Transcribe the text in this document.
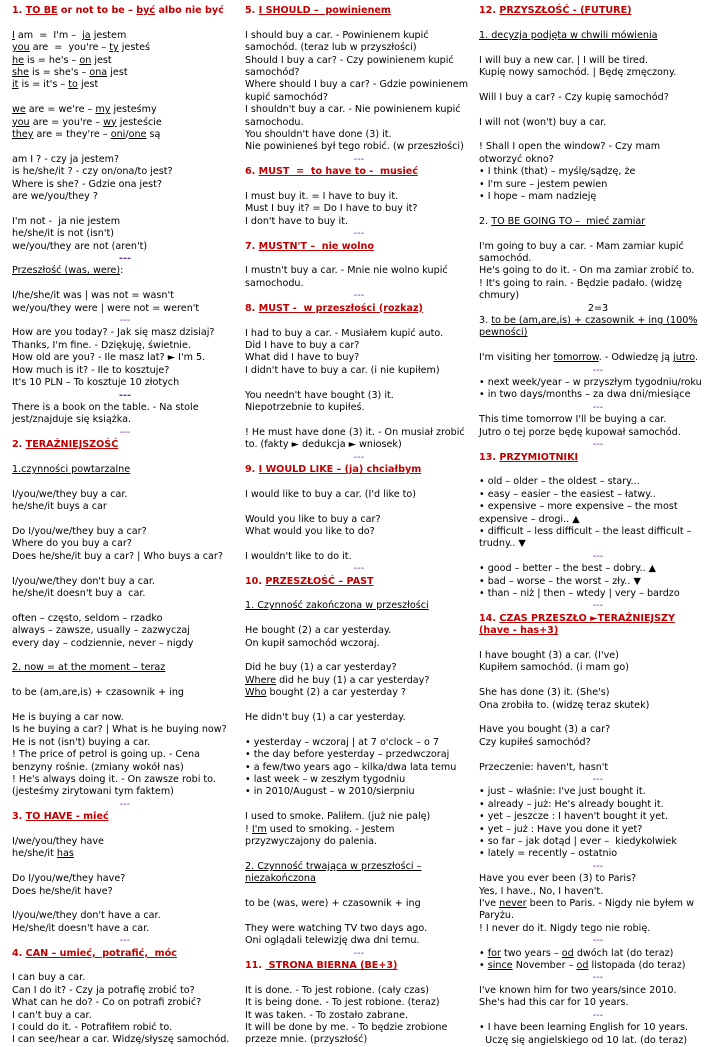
1. TO BE or not to be – być albo nie być
I am  =  I'm –  ja jestem
you are  =  you're – ty jesteś
he is = he's – on jest
she is = she's – ona jest
it is = it's – to jest
we are = we're – my jesteśmy
you are = you're – wy jesteście
they are = they're – oni/one są
am I ? - czy ja jestem?
is he/she/it ? - czy on/ona/to jest?
Where is she? - Gdzie ona jest?
are we/you/they ?
I'm not -  ja nie jestem
he/she/it is not (isn't)
we/you/they are not (aren't)
---
Przeszłość (was, were):
I/he/she/it was | was not = wasn't
we/you/they were | were not = weren't
---
How are you today? - Jak się masz dzisiaj?
Thanks, I'm fine. - Dziękuję, świetnie.
How old are you? - Ile masz lat? ► I'm 5.
How much is it? - Ile to kosztuje?
It's 10 PLN – To kosztuje 10 złotych
---
There is a book on the table. - Na stole
jest/znajduje się książka.
---
2. TERAŹNIEJSZOŚĆ
1.czynności powtarzalne
I/you/we/they buy a car.
he/she/it buys a car
Do I/you/we/they buy a car?
Where do you buy a car?
Does he/she/it buy a car? | Who buys a car?
I/you/we/they don't buy a car.
he/she/it doesn't buy a  car.
often – często, seldom – rzadko
always – zawsze, usually – zazwyczaj
every day – codziennie, never – nigdy
2. now = at the moment – teraz
to be (am,are,is) + czasownik + ing
He is buying a car now.
Is he buying a car? | What is he buying now?
He is not (isn't) buying a car.
! The price of petrol is going up. - Cena
benzyny rośnie. (zmiany wokół nas)
! He's always doing it. - On zawsze robi to.
(jesteśmy zirytowani tym faktem)
---
3. TO HAVE - mieć
I/we/you/they have
he/she/it has
Do I/you/we/they have?
Does he/she/it have?
I/you/we/they don't have a car.
He/she/it doesn't have a car.
---
4. CAN – umieć,  potrafić,  móc
I can buy a car.
Can I do it? - Czy ja potrafię zrobić to?
What can he do? - Co on potrafi zrobić?
I can't buy a car.
I could do it. - Potrafiłem robić to.
I can see/hear a car. Widzę/słyszę samochód.
5. I SHOULD –  powinienem
I should buy a car. - Powinienem kupić
samochód. (teraz lub w przyszłości)
Should I buy a car? - Czy powinienem kupić
samochód?
Where should I buy a car? - Gdzie powinienem
kupić samochód?
I shouldn't buy a car. - Nie powinienem kupić
samochodu.
You shouldn't have done (3) it.
Nie powinieneś był tego robić. (w przeszłości)
---
6. MUST  =  to have to -  musieć
I must buy it. = I have to buy it.
Must I buy it? = Do I have to buy it?
I don't have to buy it.
---
7. MUSTN'T –  nie wolno
I mustn't buy a car. - Mnie nie wolno kupić
samochodu.
---
8. MUST -  w przeszłości (rozkaz)
I had to buy a car. - Musiałem kupić auto.
Did I have to buy a car?
What did I have to buy?
I didn't have to buy a car. (i nie kupiłem)
You needn't have bought (3) it.
Niepotrzebnie to kupiłeś.
! He must have done (3) it. - On musiał zrobić
to. (fakty ► dedukcja ► wniosek)
---
9. I WOULD LIKE – (ja) chciałbym
I would like to buy a car. (I'd like to)
Would you like to buy a car?
What would you like to do?
I wouldn't like to do it.
---
10. PRZESZŁOŚĆ – PAST
1. Czynność zakończona w przeszłości
He bought (2) a car yesterday.
On kupił samochód wczoraj.
Did he buy (1) a car yesterday?
Where did he buy (1) a car yesterday?
Who bought (2) a car yesterday ?
He didn't buy (1) a car yesterday.
• yesterday – wczoraj | at 7 o'clock – o 7
• the day before yesterday – przedwczoraj
• a few/two years ago – kilka/dwa lata temu
• last week – w zeszłym tygodniu
• in 2010/August – w 2010/sierpniu
I used to smoke. Paliłem. (już nie palę)
! I'm used to smoking. - Jestem
przyzwyczajony do palenia.
2. Czynność trwająca w przeszłości –
niezakończona
to be (was, were) + czasownik + ing
They were watching TV two days ago.
Oni oglądali telewizję dwa dni temu.
---
11.  STRONA BIERNA (BE+3)
It is done. - To jest robione. (cały czas)
It is being done. - To jest robione. (teraz)
It was taken. - To zostało zabrane.
It will be done by me. - To będzie zrobione
przeze mnie. (przyszłość)
12. PRZYSZŁOŚĆ - (FUTURE)
1. decyzja podjęta w chwili mówienia
I will buy a new car. | I will be tired.
Kupię nowy samochód. | Będę zmęczony.
Will I buy a car? - Czy kupię samochód?
I will not (won't) buy a car.
! Shall I open the window? - Czy mam
otworzyć okno?
• I think (that) – myślę/sądzę, że
• I'm sure – jestem pewien
• I hope – mam nadzieję
2. TO BE GOING TO –  mieć zamiar
I'm going to buy a car. - Mam zamiar kupić
samochód.
He's going to do it. - On ma zamiar zrobić to.
! It's going to rain. - Będzie padało. (widzę
chmury)
2=3
3. to be (am,are,is) + czasownik + ing (100%
pewności)
I'm visiting her tomorrow. - Odwiedzę ją jutro.
---
• next week/year – w przyszłym tygodniu/roku
• in two days/months – za dwa dni/miesiące
---
This time tomorrow I'll be buying a car.
Jutro o tej porze będę kupował samochód.
---
13. PRZYMIOTNIKI
• old – older – the oldest – stary...
• easy – easier – the easiest – łatwy..
• expensive – more expensive – the most
expensive – drogi.. ▲
• difficult – less difficult – the least difficult –
trudny.. ▼
---
• good – better – the best – dobry.. ▲
• bad – worse – the worst – zły.. ▼
• than – niż | then – wtedy | very – bardzo
---
14. CZAS PRZESZŁO ►TERAŹNIEJSZY
(have - has+3)
I have bought (3) a car. (I've)
Kupiłem samochód. (i mam go)
She has done (3) it. (She's)
Ona zrobiła to. (widzę teraz skutek)
Have you bought (3) a car?
Czy kupiłeś samochód?
Przeczenie: haven't, hasn't
---
• just – właśnie: I've just bought it.
• already – już: He's already bought it.
• yet – jeszcze : I haven't bought it yet.
• yet – już : Have you done it yet?
• so far – jak dotąd | ever –  kiedykolwiek
• lately = recently – ostatnio
---
Have you ever been (3) to Paris?
Yes, I have., No, I haven't.
I've never been to Paris. - Nigdy nie byłem w
Paryżu.
! I never do it. Nigdy tego nie robię.
---
• for two years – od dwóch lat (do teraz)
• since November – od listopada (do teraz)
---
I've known him for two years/since 2010.
She's had this car for 10 years.
---
• I have been learning English for 10 years.
Uczę się angielskiego od 10 lat. (do teraz)
